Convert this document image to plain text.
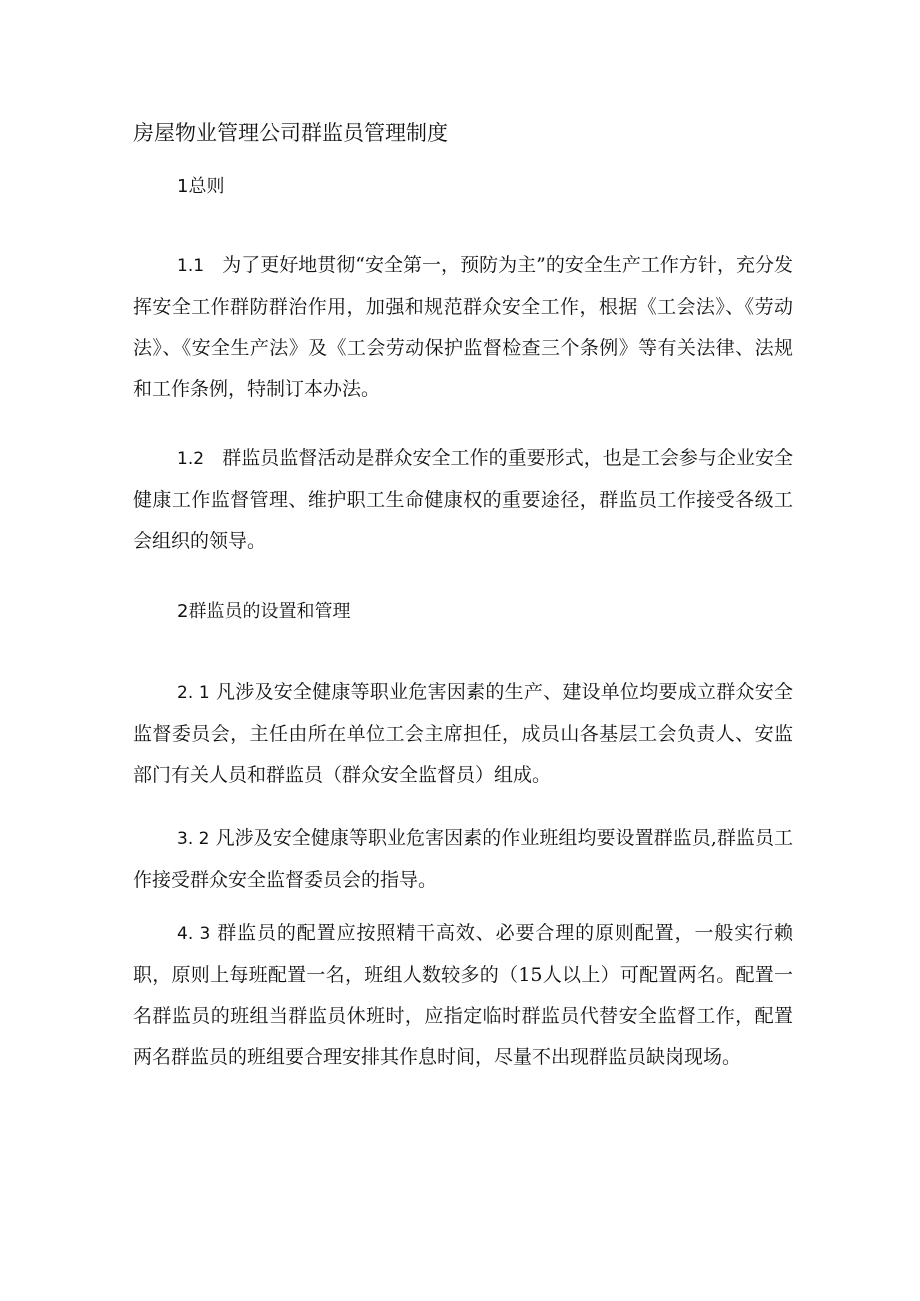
房屋物业管理公司群监员管理制度
1总则

1.1 为了更好地贯彻“安全第一，预防为主”的安全生产工作方针，充分发挥安全工作群防群治作用，加强和规范群众安全工作，根据《工会法》、《劳动法》、《安全生产法》及《工会劳动保护监督检查三个条例》等有关法律、法规和工作条例，特制订本办法。

1.2 群监员监督活动是群众安全工作的重要形式，也是工会参与企业安全健康工作监督管理、维护职工生命健康权的重要途径，群监员工作接受各级工会组织的领导。

2群监员的设置和管理

2. 1 凡涉及安全健康等职业危害因素的生产、建设单位均要成立群众安全监督委员会，主任由所在单位工会主席担任，成员山各基层工会负责人、安监部门有关人员和群监员（群众安全监督员）组成。

3. 2 凡涉及安全健康等职业危害因素的作业班组均要设置群监员,群监员工作接受群众安全监督委员会的指导。

4. 3 群监员的配置应按照精干高效、必要合理的原则配置，一般实行赖职，原则上每班配置一名，班组人数较多的（15人以上）可配置两名。配置一名群监员的班组当群监员休班时，应指定临时群监员代替安全监督工作，配置两名群监员的班组要合理安排其作息时间，尽量不出现群监员缺岗现场。
